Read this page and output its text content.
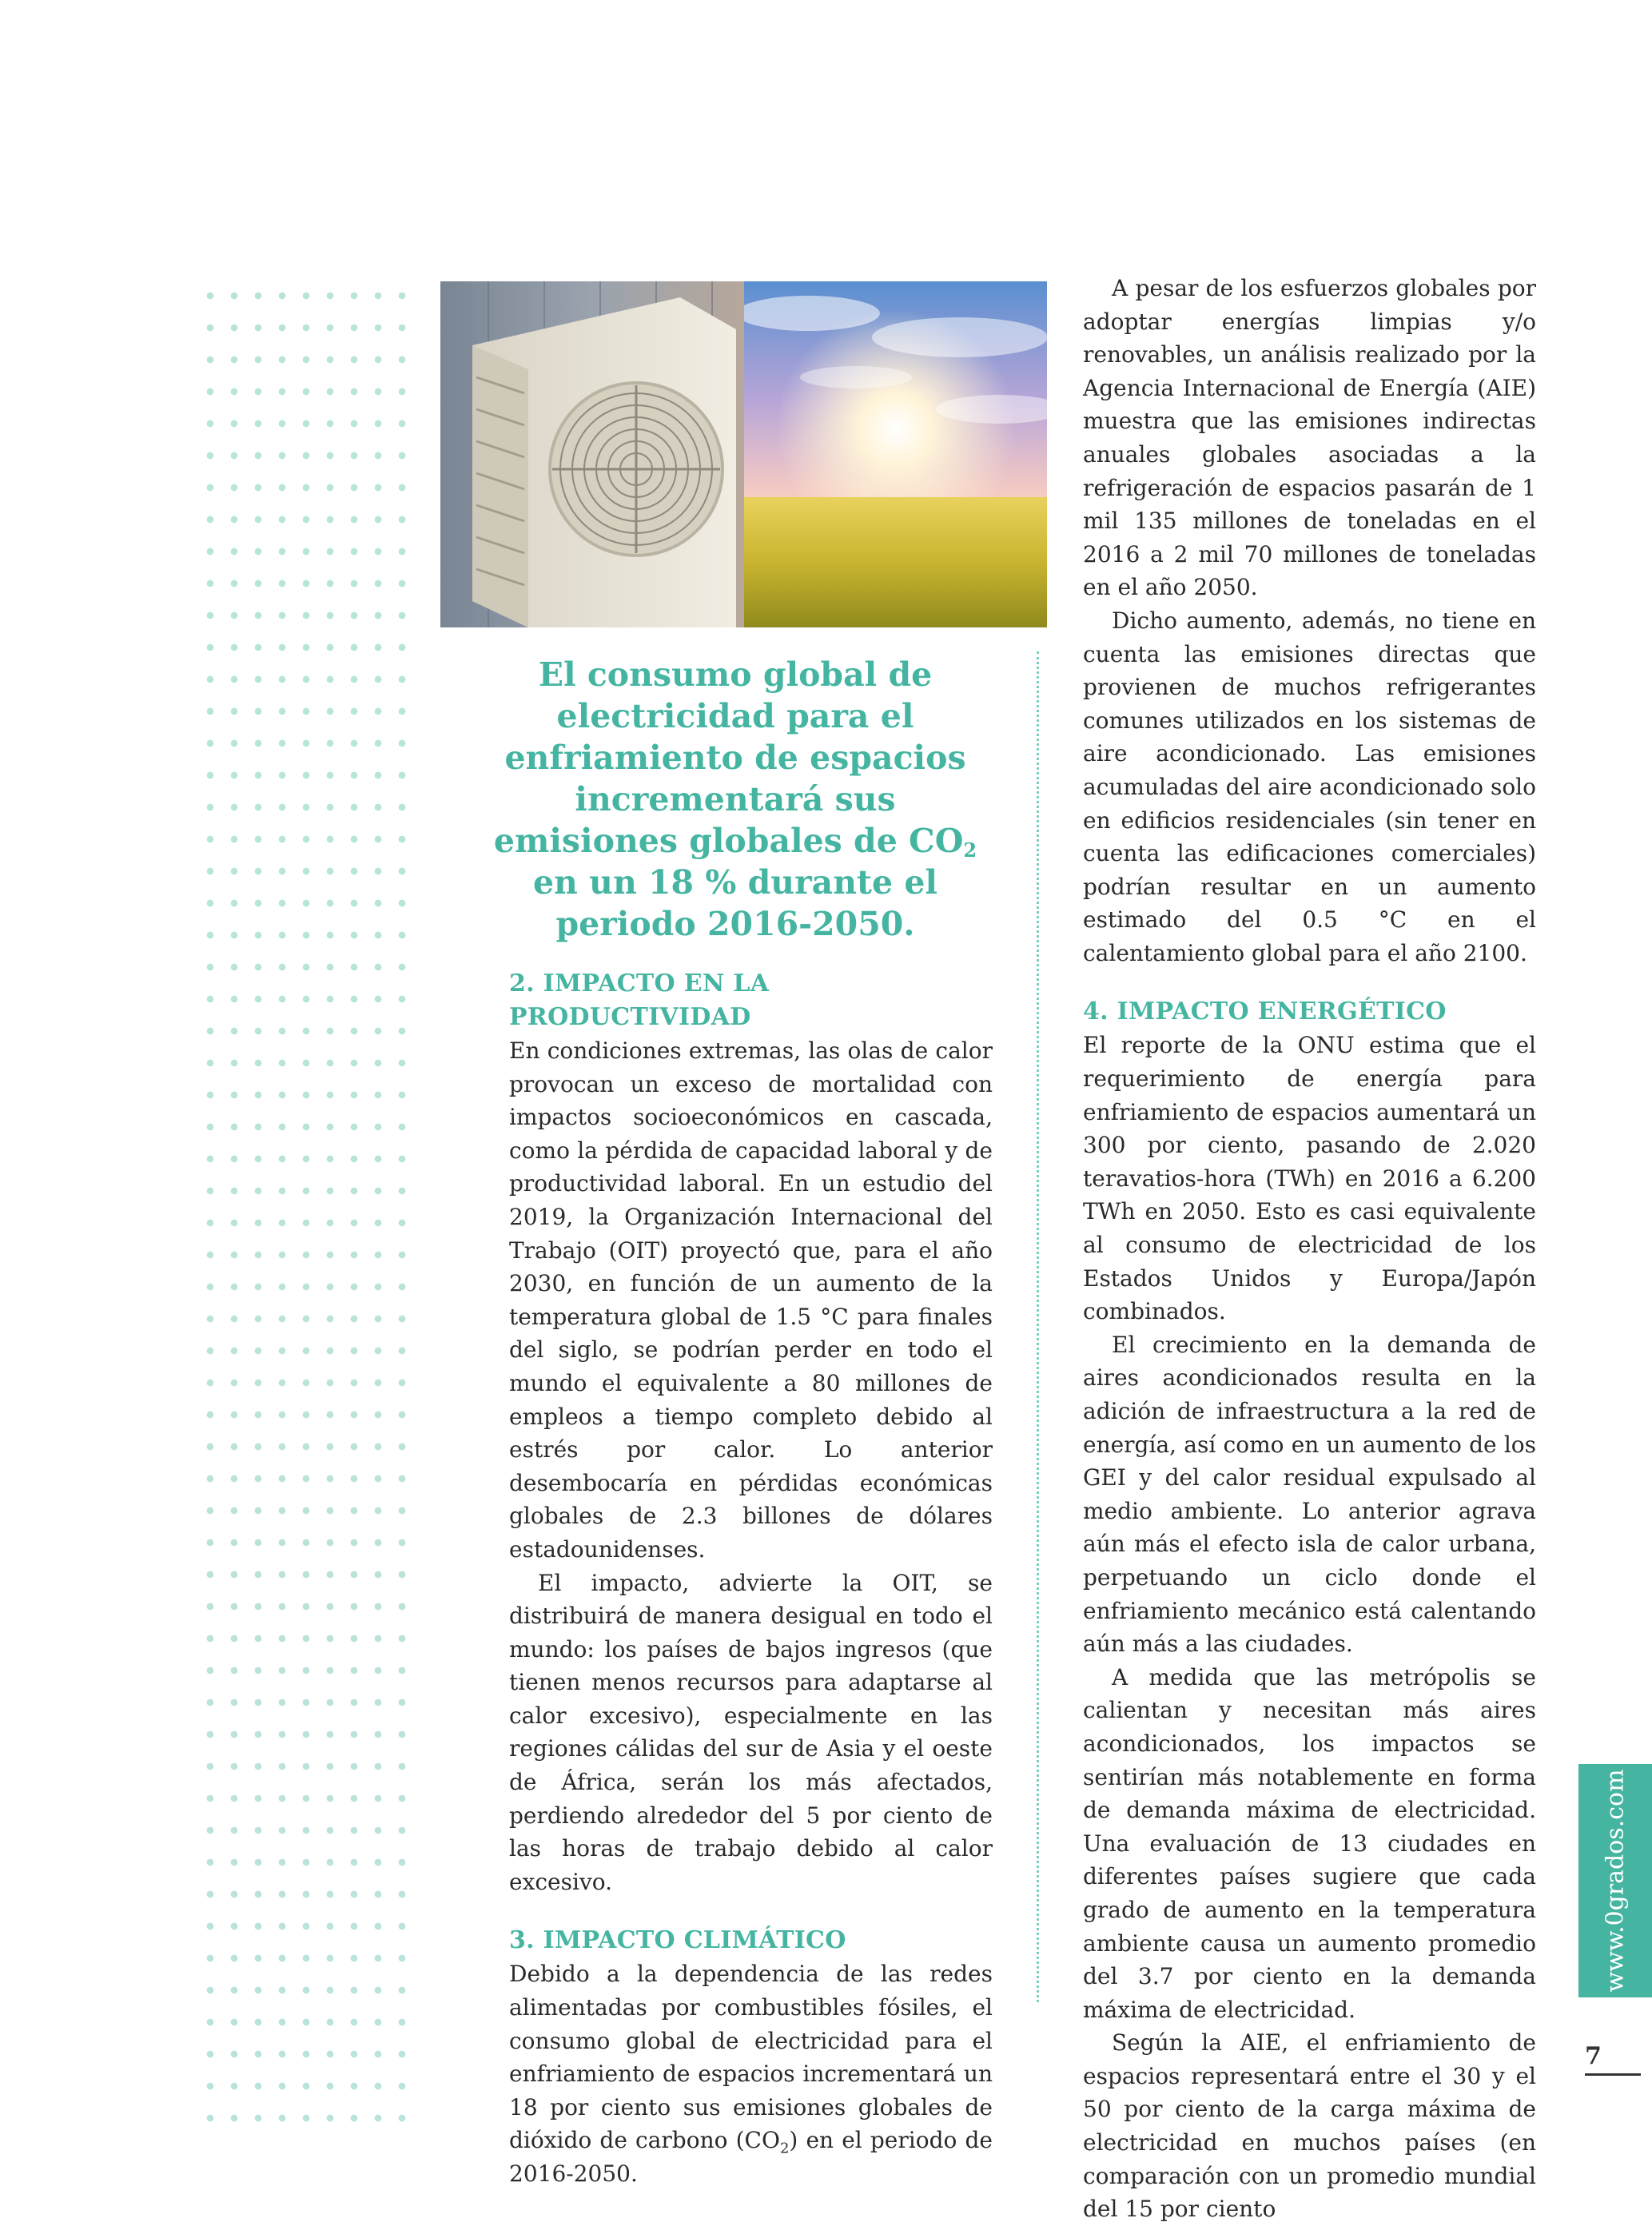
El consumo global de electricidad para el enfriamiento de espacios incrementará sus emisiones globales de $CO_2$ en un 18 % durante el periodo 2016-2050.

2. IMPACTO EN LA PRODUCTIVIDAD

En condiciones extremas, las olas de calor provocan un exceso de mortalidad con impactos socioeconómicos en cascada, como la pérdida de capacidad laboral y de productividad laboral. En un estudio del 2019, la Organización Internacional del Trabajo (OIT) proyectó que, para el año 2030, en función de un aumento de la temperatura global de 1.5 °C para finales del siglo, se podrían perder en todo el mundo el equivalente a 80 millones de empleos a tiempo completo debido al estrés por calor. Lo anterior desembocaría en pérdidas económicas globales de 2.3 billones de dólares estadounidenses.

El impacto, advierte la OIT, se distribuirá de manera desigual en todo el mundo: los países de bajos ingresos (que tienen menos recursos para adaptarse al calor excesivo), especialmente en las regiones cálidas del sur de Asia y el oeste de África, serán los más afectados, perdiendo alrededor del 5 por ciento de las horas de trabajo debido al calor excesivo.

3. IMPACTO CLIMÁTICO

Debido a la dependencia de las redes alimentadas por combustibles fósiles, el consumo global de electricidad para el enfriamiento de espacios incrementará un 18 por ciento sus emisiones globales de dióxido de carbono $(CO_2)$ en el periodo de 2016-2050.

A pesar de los esfuerzos globales por adoptar energías limpias y/o renovables, un análisis realizado por la Agencia Internacional de Energía (AIE) muestra que las emisiones indirectas anuales globales asociadas a la refrigeración de espacios pasarán de 1 mil 135 millones de toneladas en el 2016 a 2 mil 70 millones de toneladas en el año 2050.

Dicho aumento, además, no tiene en cuenta las emisiones directas que provienen de muchos refrigerantes comunes utilizados en los sistemas de aire acondicionado. Las emisiones acumuladas del aire acondicionado solo en edificios residenciales (sin tener en cuenta las edificaciones comerciales) podrían resultar en un aumento estimado del 0.5 °C en el calentamiento global para el año 2100.

4. IMPACTO ENERGÉTICO

El reporte de la ONU estima que el requerimiento de energía para enfriamiento de espacios aumentará un 300 por ciento, pasando de 2.020 teravatios-hora (TWh) en 2016 a 6.200 TWh en 2050. Esto es casi equivalente al consumo de electricidad de los Estados Unidos y Europa/Japón combinados.

El crecimiento en la demanda de aires acondicionados resulta en la adición de infraestructura a la red de energía, así como en un aumento de los GEI y del calor residual expulsado al medio ambiente. Lo anterior agrava aún más el efecto isla de calor urbana, perpetuando un ciclo donde el enfriamiento mecánico está calentando aún más a las ciudades.

A medida que las metrópolis se calientan y necesitan más aires acondicionados, los impactos se sentirían más notablemente en forma de demanda máxima de electricidad. Una evaluación de 13 ciudades en diferentes países sugiere que cada grado de aumento en la temperatura ambiente causa un aumento promedio del 3.7 por ciento en la demanda máxima de electricidad.

Según la AIE, el enfriamiento de espacios representará entre el 30 y el 50 por ciento de la carga máxima de electricidad en muchos países (en comparación con un promedio mundial del 15 por ciento

www.0grados.com
7
